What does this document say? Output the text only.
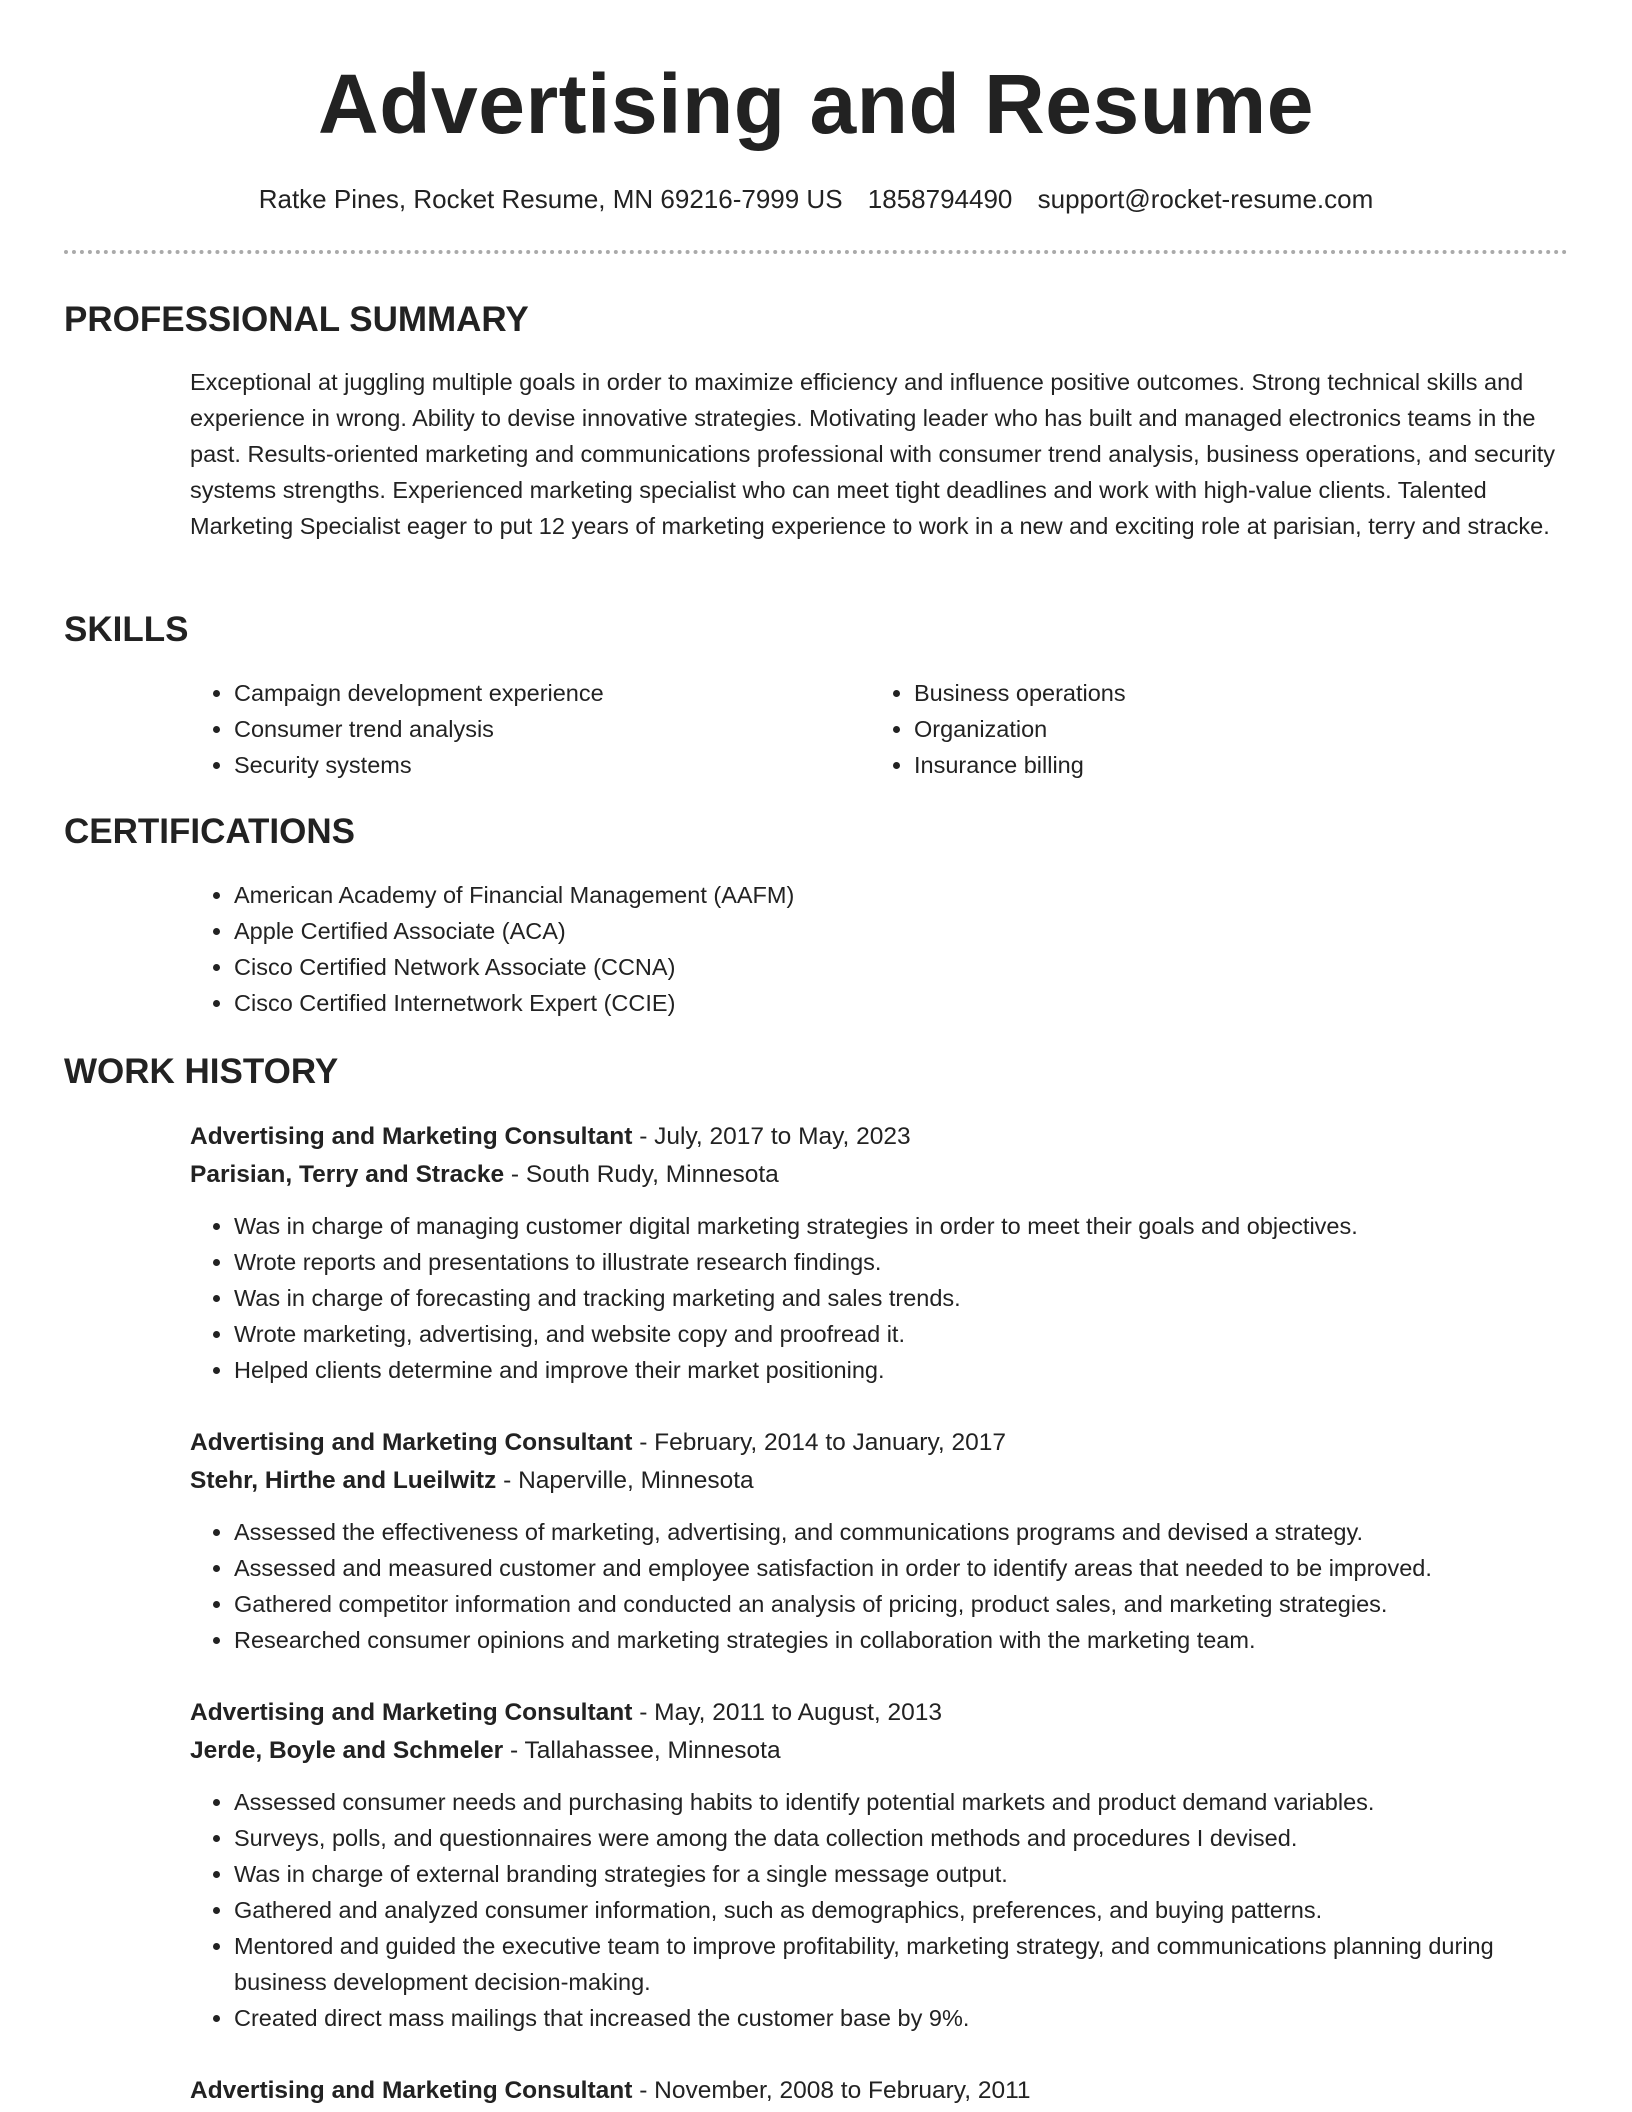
Advertising and Resume
Ratke Pines, Rocket Resume, MN 69216-7999 US 1858794490 support@rocket-resume.com
PROFESSIONAL SUMMARY

Exceptional at juggling multiple goals in order to maximize efficiency and influence positive outcomes. Strong technical skills and experience in wrong. Ability to devise innovative strategies. Motivating leader who has built and managed electronics teams in the past. Results-oriented marketing and communications professional with consumer trend analysis, business operations, and security systems strengths. Experienced marketing specialist who can meet tight deadlines and work with high-value clients. Talented Marketing Specialist eager to put 12 years of marketing experience to work in a new and exciting role at parisian, terry and stracke.

SKILLS
• Campaign development experience
• Consumer trend analysis
• Security systems
• Business operations
• Organization
• Insurance billing
CERTIFICATIONS
• American Academy of Financial Management (AAFM)
• Apple Certified Associate (ACA)
• Cisco Certified Network Associate (CCNA)
• Cisco Certified Internetwork Expert (CCIE)
WORK HISTORY
Advertising and Marketing Consultant - July, 2017 to May, 2023
Parisian, Terry and Stracke - South Rudy, Minnesota
• Was in charge of managing customer digital marketing strategies in order to meet their goals and objectives.
• Wrote reports and presentations to illustrate research findings.
• Was in charge of forecasting and tracking marketing and sales trends.
• Wrote marketing, advertising, and website copy and proofread it.
• Helped clients determine and improve their market positioning.
Advertising and Marketing Consultant - February, 2014 to January, 2017
Stehr, Hirthe and Lueilwitz - Naperville, Minnesota
• Assessed the effectiveness of marketing, advertising, and communications programs and devised a strategy.
• Assessed and measured customer and employee satisfaction in order to identify areas that needed to be improved.
• Gathered competitor information and conducted an analysis of pricing, product sales, and marketing strategies.
• Researched consumer opinions and marketing strategies in collaboration with the marketing team.
Advertising and Marketing Consultant - May, 2011 to August, 2013
Jerde, Boyle and Schmeler - Tallahassee, Minnesota
• Assessed consumer needs and purchasing habits to identify potential markets and product demand variables.
• Surveys, polls, and questionnaires were among the data collection methods and procedures I devised.
• Was in charge of external branding strategies for a single message output.
• Gathered and analyzed consumer information, such as demographics, preferences, and buying patterns.
• Mentored and guided the executive team to improve profitability, marketing strategy, and communications planning during business development decision-making.
• Created direct mass mailings that increased the customer base by 9%.
Advertising and Marketing Consultant - November, 2008 to February, 2011
